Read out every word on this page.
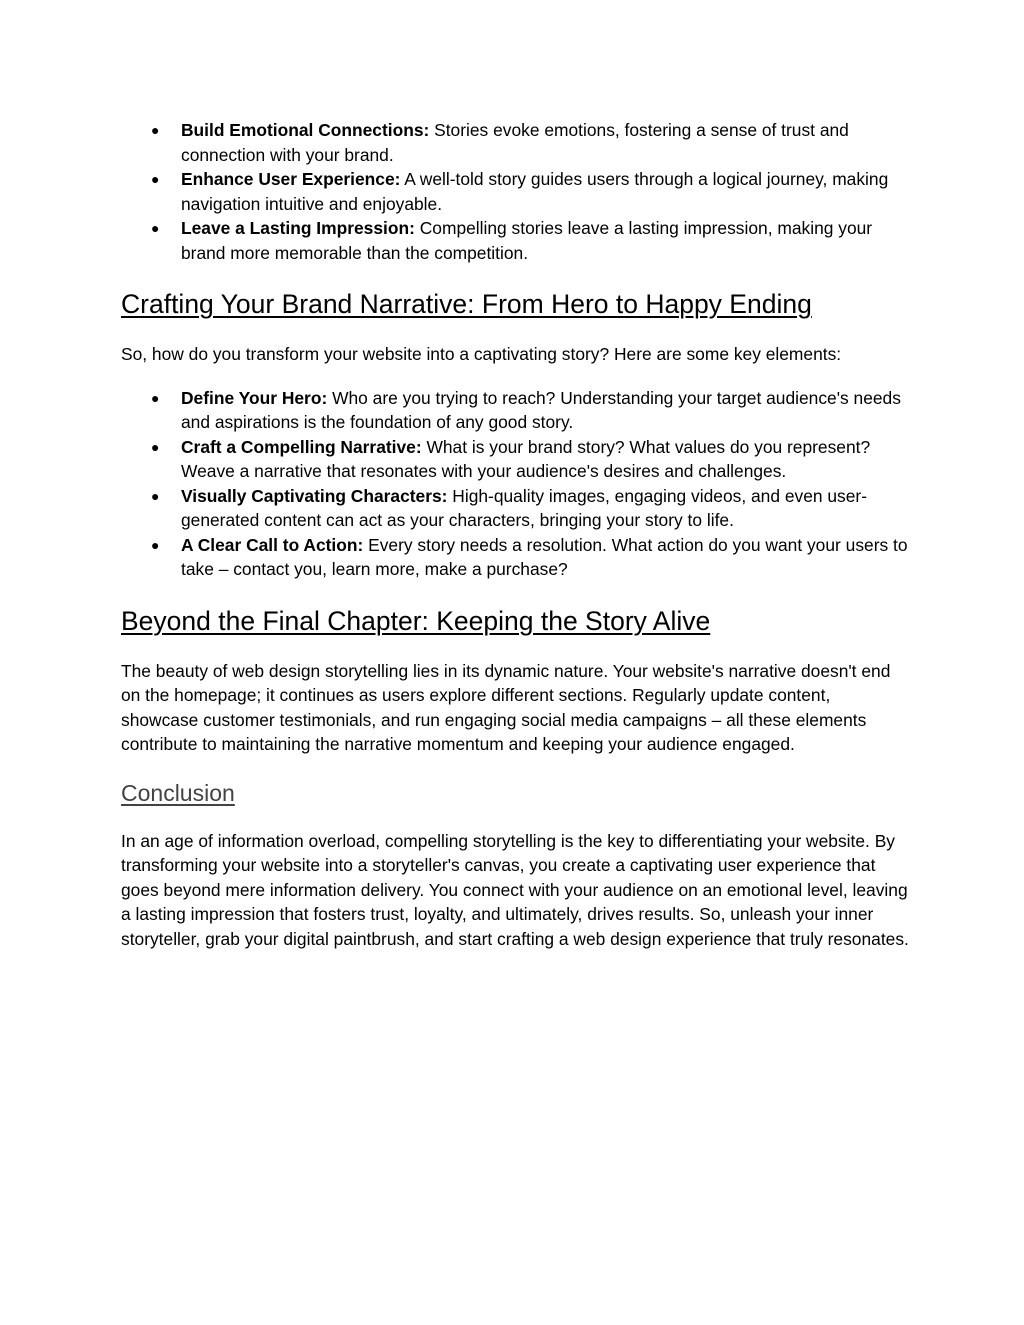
● Build Emotional Connections: Stories evoke emotions, fostering a sense of trust and connection with your brand.
● Enhance User Experience: A well-told story guides users through a logical journey, making navigation intuitive and enjoyable.
● Leave a Lasting Impression: Compelling stories leave a lasting impression, making your brand more memorable than the competition.
Crafting Your Brand Narrative: From Hero to Happy Ending

So, how do you transform your website into a captivating story? Here are some key elements:

● Define Your Hero: Who are you trying to reach? Understanding your target audience's needs and aspirations is the foundation of any good story.
● Craft a Compelling Narrative: What is your brand story? What values do you represent? Weave a narrative that resonates with your audience's desires and challenges.
● Visually Captivating Characters: High-quality images, engaging videos, and even user-generated content can act as your characters, bringing your story to life.
● A Clear Call to Action: Every story needs a resolution. What action do you want your users to take – contact you, learn more, make a purchase?
Beyond the Final Chapter: Keeping the Story Alive

The beauty of web design storytelling lies in its dynamic nature. Your website's narrative doesn't end on the homepage; it continues as users explore different sections. Regularly update content, showcase customer testimonials, and run engaging social media campaigns – all these elements contribute to maintaining the narrative momentum and keeping your audience engaged.

Conclusion

In an age of information overload, compelling storytelling is the key to differentiating your website. By transforming your website into a storyteller's canvas, you create a captivating user experience that goes beyond mere information delivery. You connect with your audience on an emotional level, leaving a lasting impression that fosters trust, loyalty, and ultimately, drives results. So, unleash your inner storyteller, grab your digital paintbrush, and start crafting a web design experience that truly resonates.
